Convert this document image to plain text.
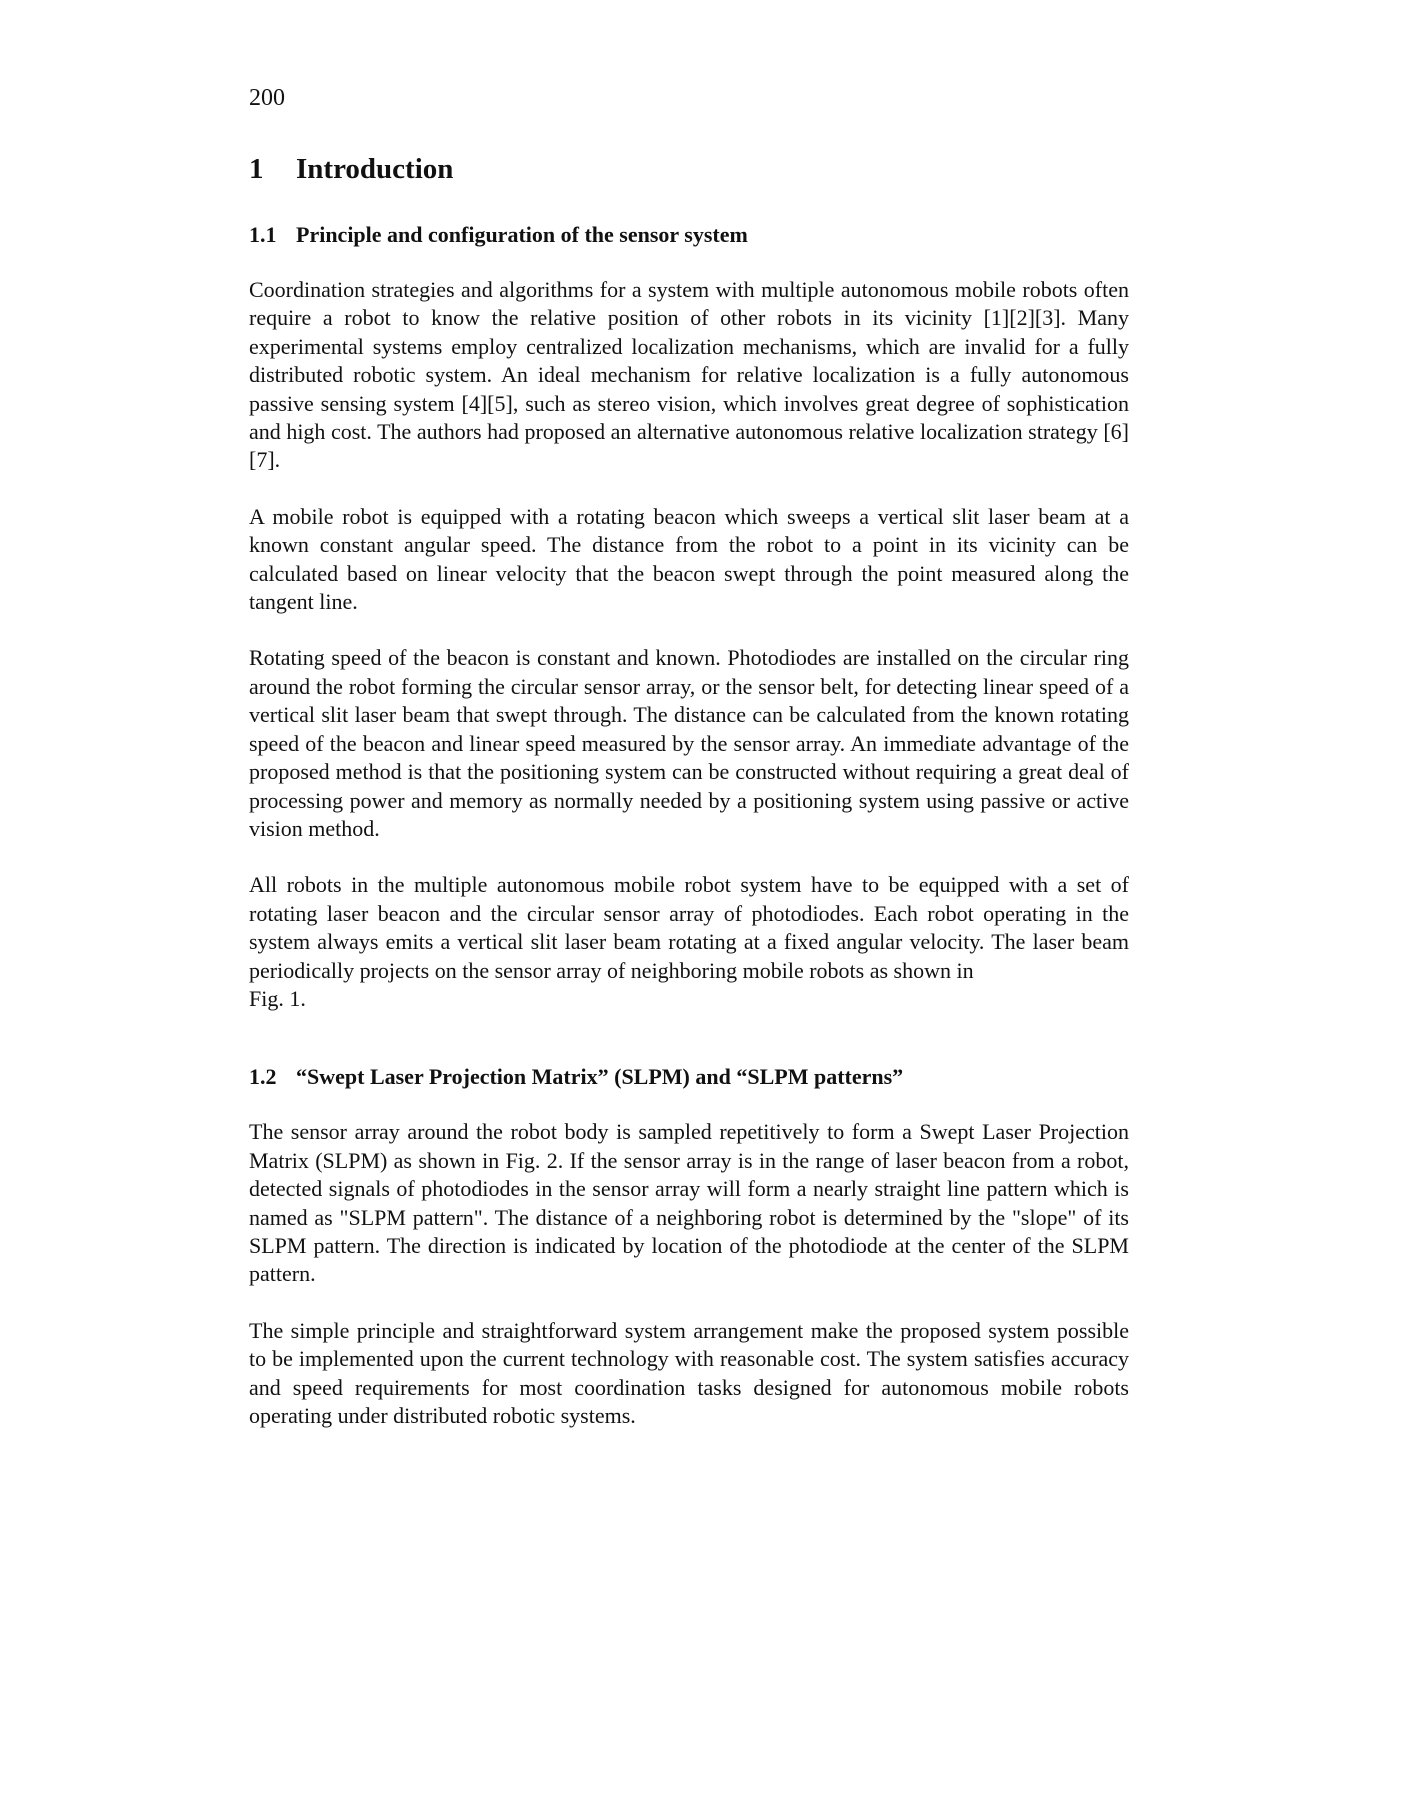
200
1	Introduction
1.1 Principle and configuration of the sensor system

Coordination strategies and algorithms for a system with multiple autonomous mobile robots often require a robot to know the relative position of other robots in its vicinity [1][2][3]. Many experimental systems employ centralized localization mechanisms, which are invalid for a fully distributed robotic system. An ideal mechanism for relative localization is a fully autonomous passive sensing system [4][5], such as stereo vision, which involves great degree of sophistication and high cost. The authors had proposed an alternative autonomous relative localization strategy [6][7].

A mobile robot is equipped with a rotating beacon which sweeps a vertical slit laser beam at a known constant angular speed. The distance from the robot to a point in its vicinity can be calculated based on linear velocity that the beacon swept through the point measured along the tangent line.

Rotating speed of the beacon is constant and known. Photodiodes are installed on the circular ring around the robot forming the circular sensor array, or the sensor belt, for detecting linear speed of a vertical slit laser beam that swept through. The distance can be calculated from the known rotating speed of the beacon and linear speed measured by the sensor array. An immediate advantage of the proposed method is that the positioning system can be constructed without requiring a great deal of processing power and memory as normally needed by a positioning system using passive or active vision method.

All robots in the multiple autonomous mobile robot system have to be equipped with a set of rotating laser beacon and the circular sensor array of photodiodes. Each robot operating in the system always emits a vertical slit laser beam rotating at a fixed angular velocity. The laser beam periodically projects on the sensor array of neighboring mobile robots as shown in
Fig. 1.

1.2 “Swept Laser Projection Matrix” (SLPM) and “SLPM patterns”

The sensor array around the robot body is sampled repetitively to form a Swept Laser Projection Matrix (SLPM) as shown in Fig. 2. If the sensor array is in the range of laser beacon from a robot, detected signals of photodiodes in the sensor array will form a nearly straight line pattern which is named as "SLPM pattern". The distance of a neighboring robot is determined by the "slope" of its SLPM pattern. The direction is indicated by location of the photodiode at the center of the SLPM pattern.

The simple principle and straightforward system arrangement make the proposed system possible to be implemented upon the current technology with reasonable cost. The system satisfies accuracy and speed requirements for most coordination tasks designed for autonomous mobile robots operating under distributed robotic systems.
